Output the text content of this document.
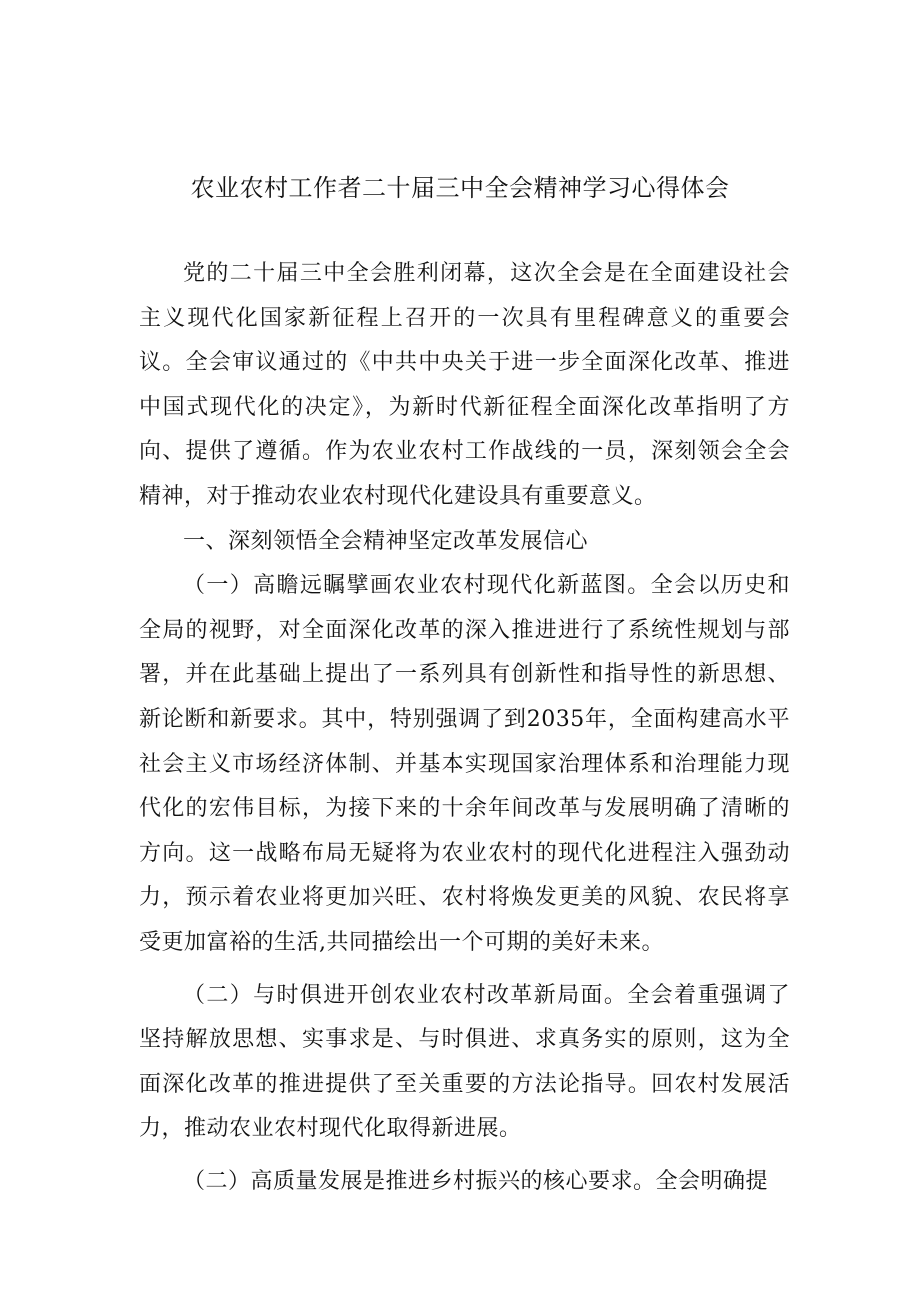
农业农村工作者二十届三中全会精神学习心得体会

党的二十届三中全会胜利闭幕，这次全会是在全面建设社会主义现代化国家新征程上召开的一次具有里程碑意义的重要会议。全会审议通过的《中共中央关于进一步全面深化改革、推进中国式现代化的决定》，为新时代新征程全面深化改革指明了方向、提供了遵循。作为农业农村工作战线的一员，深刻领会全会精神，对于推动农业农村现代化建设具有重要意义。

一、深刻领悟全会精神坚定改革发展信心

（一）高瞻远瞩擘画农业农村现代化新蓝图。全会以历史和全局的视野，对全面深化改革的深入推进进行了系统性规划与部署，并在此基础上提出了一系列具有创新性和指导性的新思想、新论断和新要求。其中，特别强调了到2035年，全面构建高水平社会主义市场经济体制、并基本实现国家治理体系和治理能力现代化的宏伟目标，为接下来的十余年间改革与发展明确了清晰的方向。这一战略布局无疑将为农业农村的现代化进程注入强劲动力，预示着农业将更加兴旺、农村将焕发更美的风貌、农民将享受更加富裕的生活,共同描绘出一个可期的美好未来。

（二）与时俱进开创农业农村改革新局面。全会着重强调了坚持解放思想、实事求是、与时俱进、求真务实的原则，这为全面深化改革的推进提供了至关重要的方法论指导。回农村发展活力，推动农业农村现代化取得新进展。

（二）高质量发展是推进乡村振兴的核心要求。全会明确提
